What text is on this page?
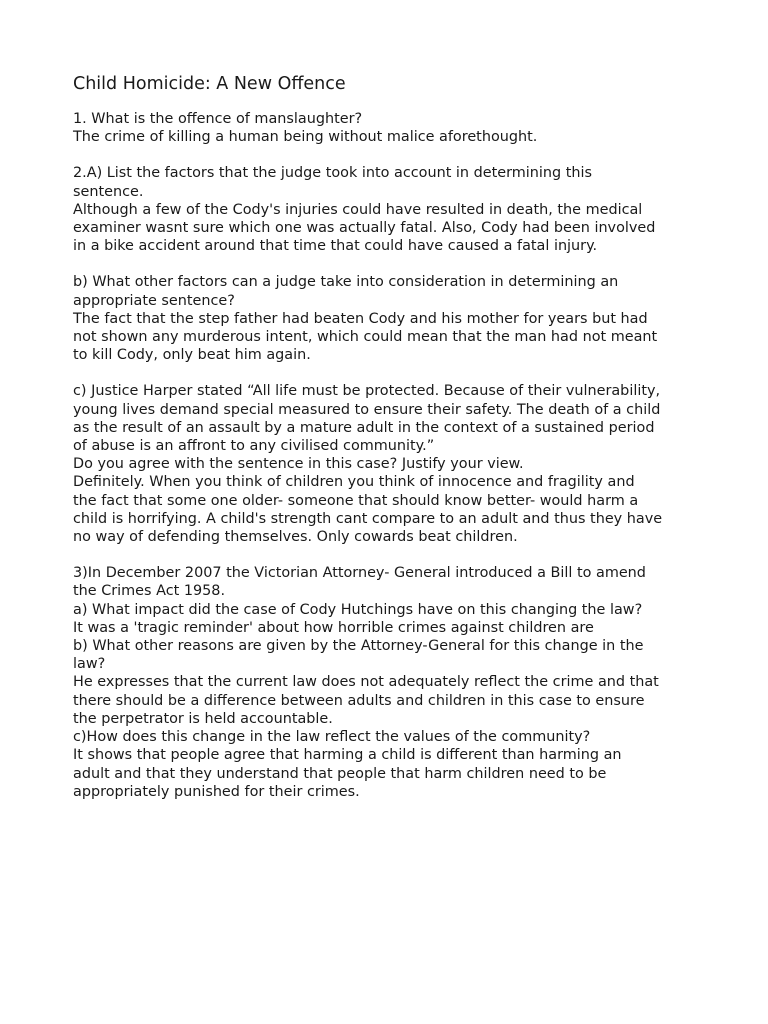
Child Homicide: A New Offence
1. What is the offence of manslaughter?
The crime of killing a human being without malice aforethought.
2.A) List the factors that the judge took into account in determining this
sentence.
Although a few of the Cody's injuries could have resulted in death, the medical
examiner wasnt sure which one was actually fatal. Also, Cody had been involved
in a bike accident around that time that could have caused a fatal injury.
b) What other factors can a judge take into consideration in determining an
appropriate sentence?
The fact that the step father had beaten Cody and his mother for years but had
not shown any murderous intent, which could mean that the man had not meant
to kill Cody, only beat him again.
c) Justice Harper stated “All life must be protected. Because of their vulnerability,
young lives demand special measured to ensure their safety. The death of a child
as the result of an assault by a mature adult in the context of a sustained period
of abuse is an affront to any civilised community.”
Do you agree with the sentence in this case? Justify your view.
Definitely. When you think of children you think of innocence and fragility and
the fact that some one older- someone that should know better- would harm a
child is horrifying. A child's strength cant compare to an adult and thus they have
no way of defending themselves. Only cowards beat children.
3)In December 2007 the Victorian Attorney- General introduced a Bill to amend
the Crimes Act 1958.
a) What impact did the case of Cody Hutchings have on this changing the law?
It was a 'tragic reminder' about how horrible crimes against children are
b) What other reasons are given by the Attorney-General for this change in the
law?
He expresses that the current law does not adequately reflect the crime and that
there should be a difference between adults and children in this case to ensure
the perpetrator is held accountable.
c)How does this change in the law reflect the values of the community?
It shows that people agree that harming a child is different than harming an
adult and that they understand that people that harm children need to be
appropriately punished for their crimes.
